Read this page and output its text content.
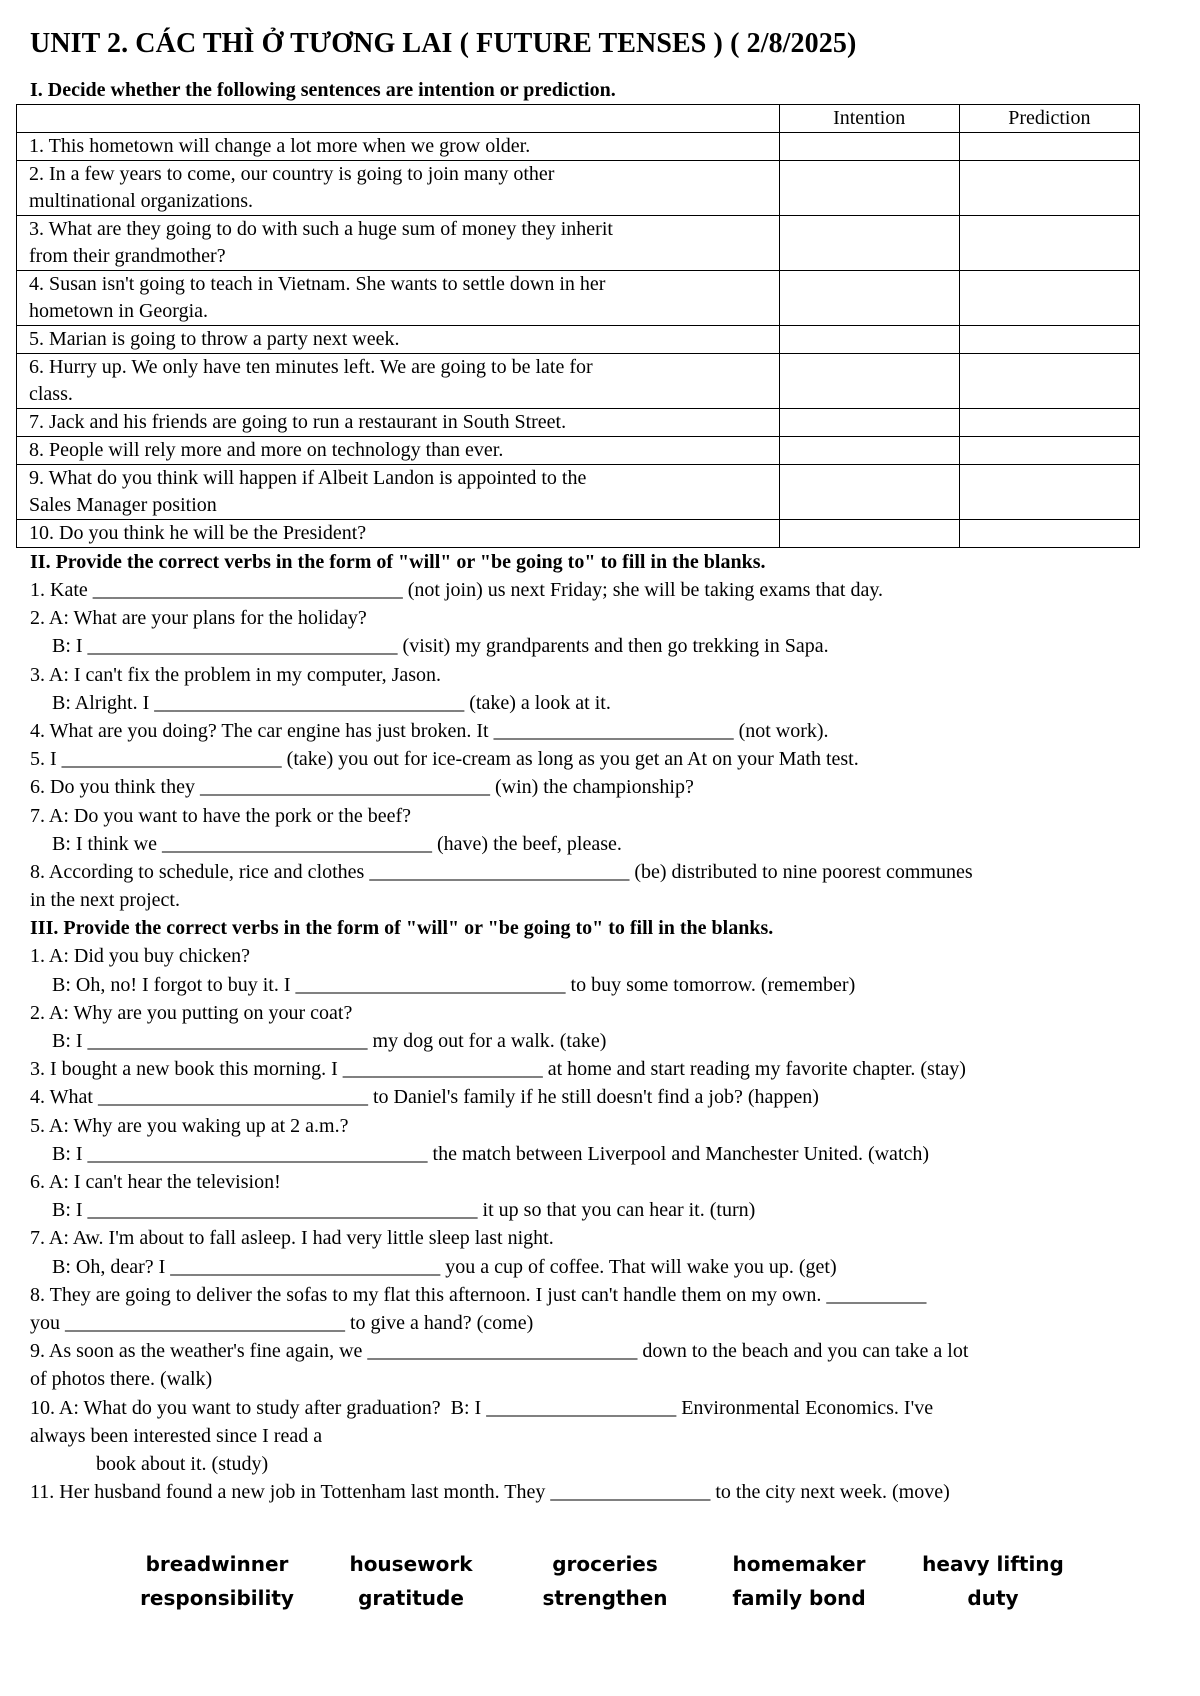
UNIT 2. CÁC THÌ Ở TƯƠNG LAI ( FUTURE TENSES ) ( 2/8/2025)

I. Decide whether the following sentences are intention or prediction.

	Intention	Prediction

1. This hometown will change a lot more when we grow older.		

2. In a few years to come, our country is going to join many other
multinational organizations.		

3. What are they going to do with such a huge sum of money they inherit
from their grandmother?		

4. Susan isn't going to teach in Vietnam. She wants to settle down in her
hometown in Georgia.		

5. Marian is going to throw a party next week.		

6. Hurry up. We only have ten minutes left. We are going to be late for
class.		

7. Jack and his friends are going to run a restaurant in South Street.		

8. People will rely more and more on technology than ever.		

9. What do you think will happen if Albeit Landon is appointed to the
Sales Manager position		

10. Do you think he will be the President?		

II. Provide the correct verbs in the form of "will" or "be going to" to fill in the blanks.

1. Kate _______________________________ (not join) us next Friday; she will be taking exams that day.
2. A: What are your plans for the holiday?
B: I _______________________________ (visit) my grandparents and then go trekking in Sapa.
3. A: I can't fix the problem in my computer, Jason.
B: Alright. I _______________________________ (take) a look at it.
4. What are you doing? The car engine has just broken. It ________________________ (not work).
5. I ______________________ (take) you out for ice-cream as long as you get an At on your Math test.
6. Do you think they _____________________________ (win) the championship?
7. A: Do you want to have the pork or the beef?
B: I think we ___________________________ (have) the beef, please.
8. According to schedule, rice and clothes __________________________ (be) distributed to nine poorest communes
in the next project.

III. Provide the correct verbs in the form of "will" or "be going to" to fill in the blanks.

1. A: Did you buy chicken?
B: Oh, no! I forgot to buy it. I ___________________________ to buy some tomorrow. (remember)
2. A: Why are you putting on your coat?
B: I ____________________________ my dog out for a walk. (take)
3. I bought a new book this morning. I ____________________ at home and start reading my favorite chapter. (stay)
4. What ___________________________ to Daniel's family if he still doesn't find a job? (happen)
5. A: Why are you waking up at 2 a.m.?
B: I __________________________________ the match between Liverpool and Manchester United. (watch)
6. A: I can't hear the television!
B: I _______________________________________ it up so that you can hear it. (turn)
7. A: Aw. I'm about to fall asleep. I had very little sleep last night.
B: Oh, dear? I ___________________________ you a cup of coffee. That will wake you up. (get)
8. They are going to deliver the sofas to my flat this afternoon. I just can't handle them on my own. __________
you ____________________________ to give a hand? (come)
9. As soon as the weather's fine again, we ___________________________ down to the beach and you can take a lot
of photos there. (walk)
10. A: What do you want to study after graduation?  B: I ___________________ Environmental Economics. I've
always been interested since I read a
book about it. (study)
11. Her husband found a new job in Tottenham last month. They ________________ to the city next week. (move)
breadwinner	housework	groceries	homemaker	heavy lifting
responsibility	gratitude	strengthen	family bond	duty
